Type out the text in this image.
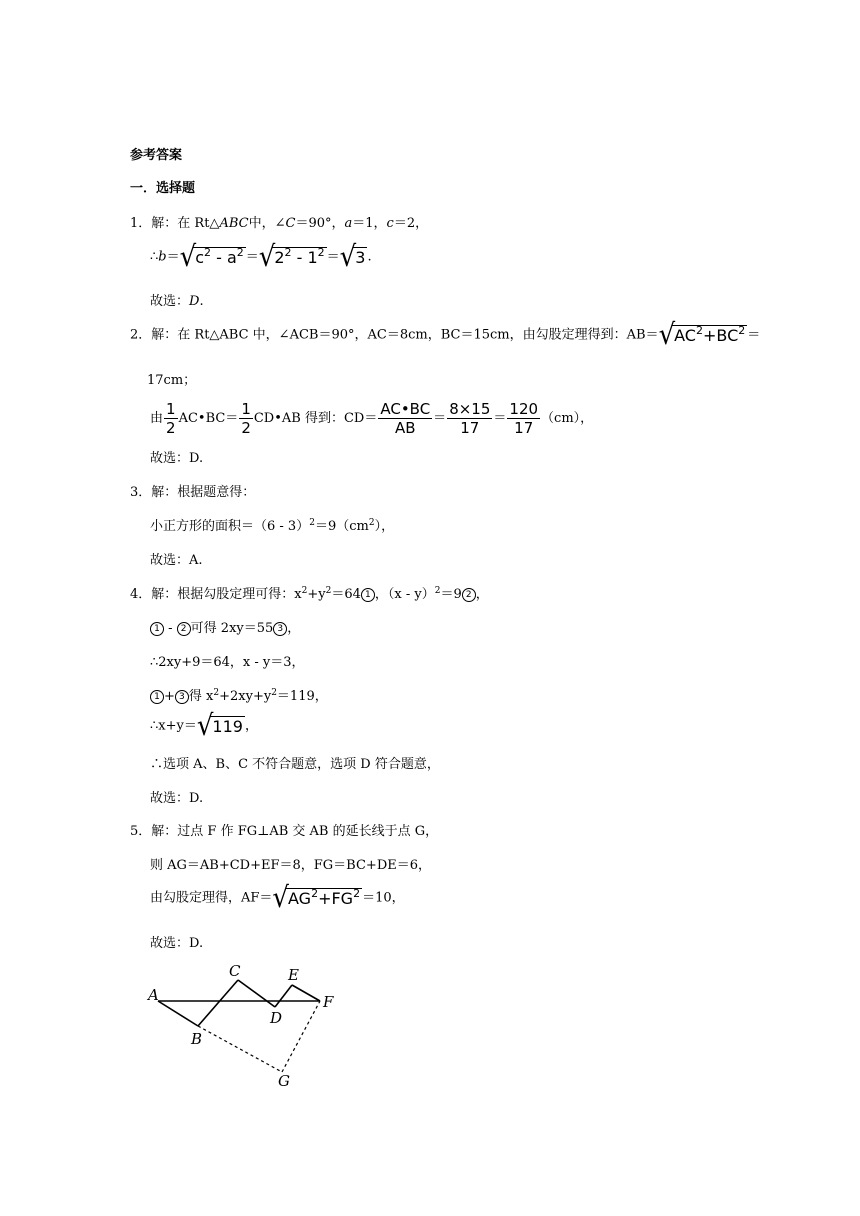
参考答案
一．选择题
1．解：在 Rt△ABC中，∠C＝90°，a＝1，c＝2，
$\therefore b=√c^2 - a^2 =√2^2 - 1^2 =√3$ .
故选：D.
2．解：在 Rt△ABC 中，∠ACB＝90°，AC＝8cm，BC＝15cm，由勾股定理得到：$AB=√AC^2+BC^2$ ＝
17cm；
由 $\frac{1}{2}$ AC•BC＝ $\frac{1}{2}$ CD•AB 得到：$CD= \frac{AC•BC}{AB} = \frac{8\times 15}{17} = \frac{120}{17} (cm)$，
故选：D.
3．解：根据题意得：
小正方形的面积$=(6 - 3)^2=9(cm^2)$，
故选：A.
4．解：根据勾股定理可得：$x^2+y^2=64$ 1 ，（x - y）$^2$＝9 2 ，
1 - 2 可得 2xy＝55 3 ，
∴2xy+9＝64，x - y＝3，
1 + 3 得 $x^2+2xy+y^2=119$，
∴x+y＝√119 ，
∴选项 A、B、C 不符合题意，选项 D 符合题意，
故选：D.
5．解：过点 F 作 FG⊥AB 交 AB 的延长线于点 G，
则 AG＝AB+CD+EF＝8，FG＝BC+DE＝6，
由勾股定理得，$AF=√AG^2+FG^2 =10$，
故选：D.
A
B
C
D
E
F
G
